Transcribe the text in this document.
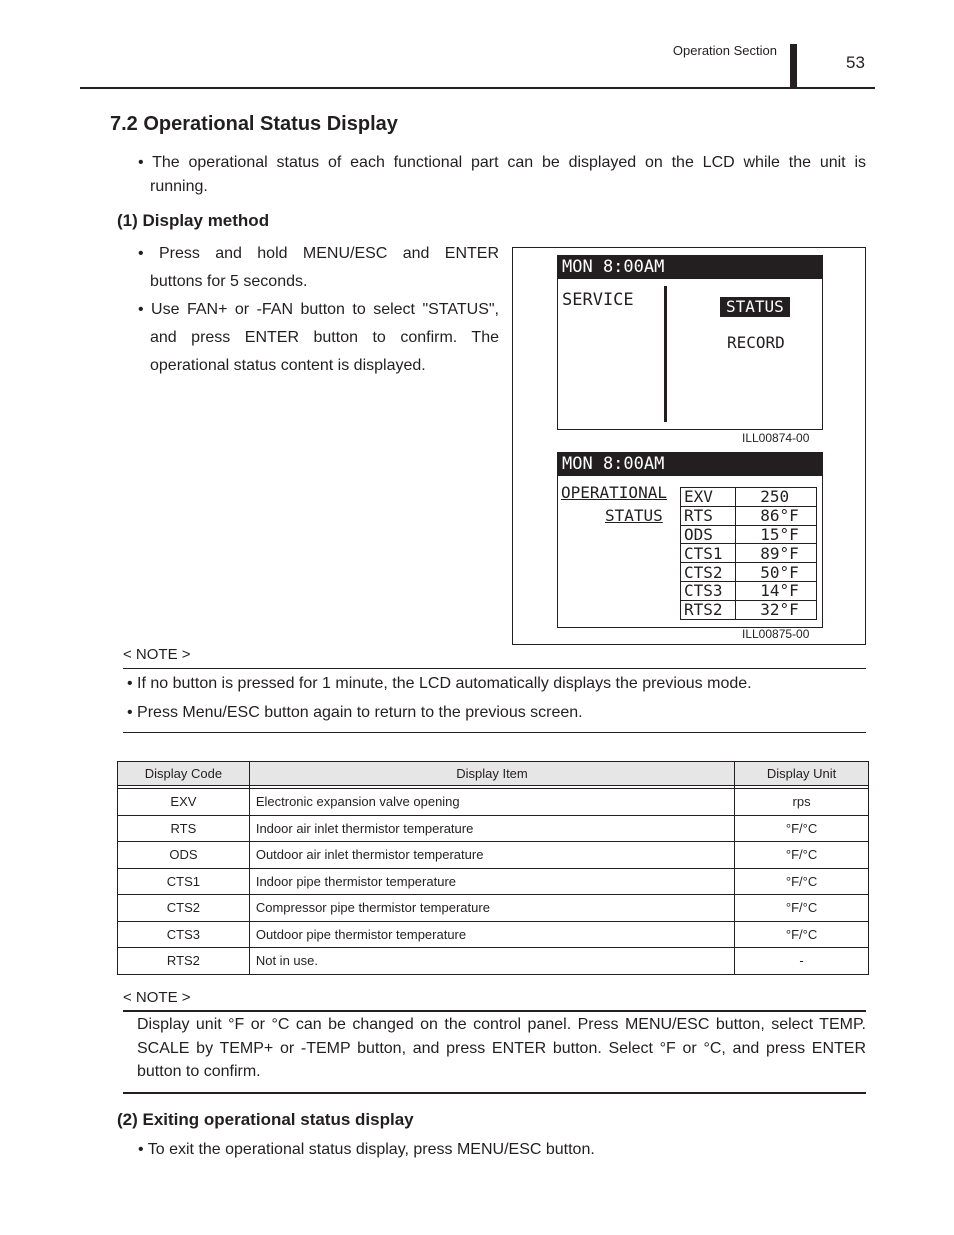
Operation Section
53
7.2 Operational Status Display
• The operational status of each functional part can be displayed on the LCD while the unit is
running.
(1) Display method
• Press and hold MENU/ESC and ENTER
buttons for 5 seconds.
• Use FAN+ or -FAN button to select "STATUS",
and press ENTER button to confirm. The
operational status content is displayed.
MON 8:00AM
SERVICE	STATUS
RECORD
ILL00874-00
MON 8:00AM
OPERATIONAL
STATUS
EXV	250
RTS	86°F
ODS	15°F
CTS1	89°F
CTS2	50°F
CTS3	14°F
RTS2	32°F
ILL00875-00
< NOTE >
• If no button is pressed for 1 minute, the LCD automatically displays the previous mode.
• Press Menu/ESC button again to return to the previous screen.
Display Code	Display Item	Display Unit

EXV	Electronic expansion valve opening	rps
RTS	Indoor air inlet thermistor temperature	°F/°C
ODS	Outdoor air inlet thermistor temperature	°F/°C
CTS1	Indoor pipe thermistor temperature	°F/°C
CTS2	Compressor pipe thermistor temperature	°F/°C
CTS3	Outdoor pipe thermistor temperature	°F/°C
RTS2	Not in use.	-
< NOTE >
Display unit °F or °C can be changed on the control panel. Press MENU/ESC button, select TEMP.
SCALE by TEMP+ or -TEMP button, and press ENTER button. Select °F or °C, and press ENTER
button to confirm.
(2) Exiting operational status display
• To exit the operational status display, press MENU/ESC button.
